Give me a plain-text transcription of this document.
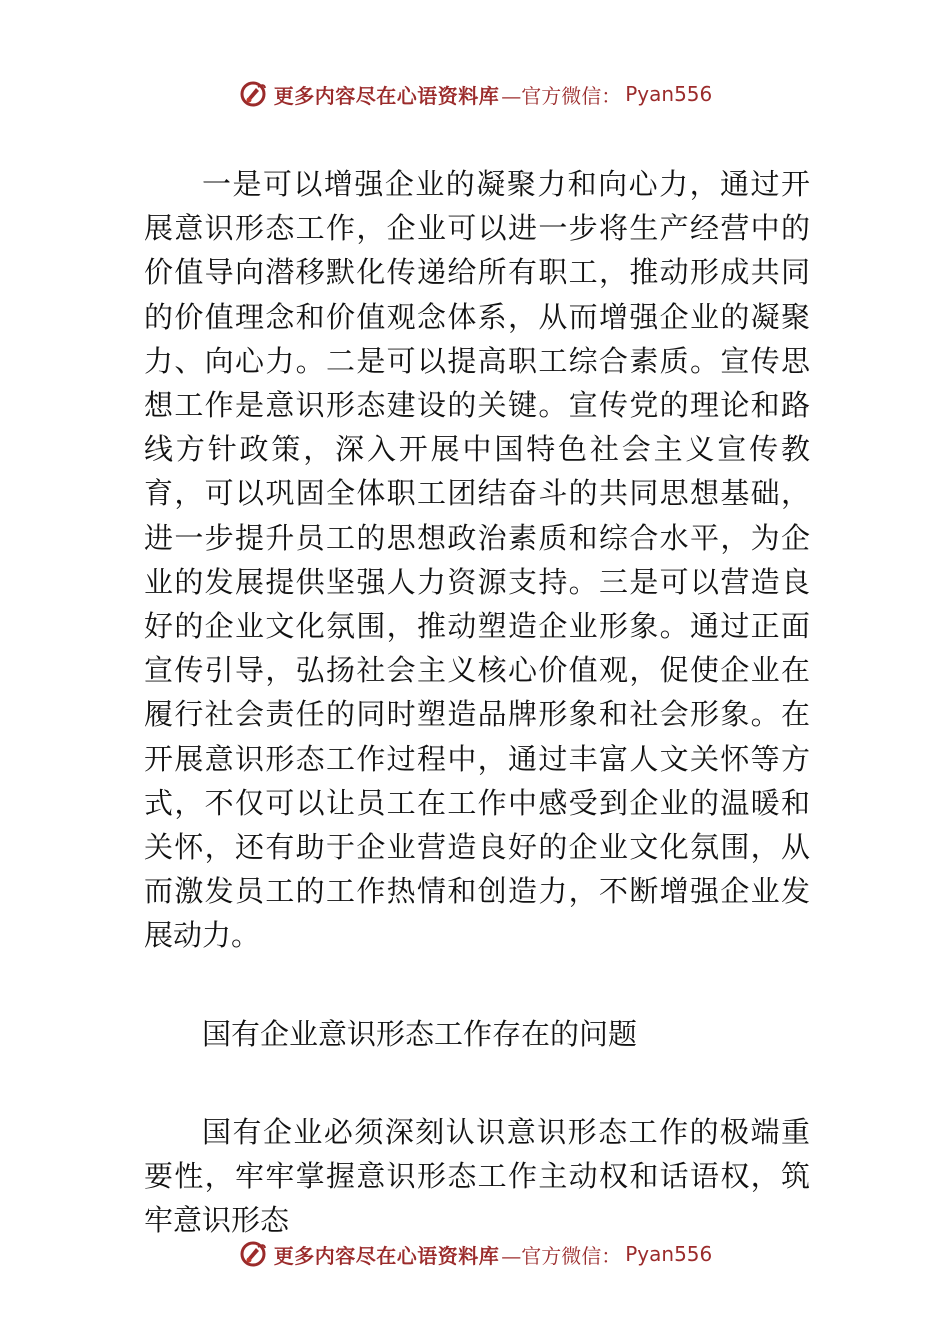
更多内容尽在心语资料库 —官方微信： Pyan556

一是可以增强企业的凝聚力和向心力，通过开展意识形态工作，企业可以进一步将生产经营中的价值导向潜移默化传递给所有职工，推动形成共同的价值理念和价值观念体系，从而增强企业的凝聚力、向心力。二是可以提高职工综合素质。宣传思想工作是意识形态建设的关键。宣传党的理论和路线方针政策，深入开展中国特色社会主义宣传教育，可以巩固全体职工团结奋斗的共同思想基础，进一步提升员工的思想政治素质和综合水平，为企业的发展提供坚强人力资源支持。三是可以营造良好的企业文化氛围，推动塑造企业形象。通过正面宣传引导，弘扬社会主义核心价值观，促使企业在履行社会责任的同时塑造品牌形象和社会形象。在开展意识形态工作过程中，通过丰富人文关怀等方式，不仅可以让员工在工作中感受到企业的温暖和关怀，还有助于企业营造良好的企业文化氛围，从而激发员工的工作热情和创造力，不断增强企业发展动力。

国有企业意识形态工作存在的问题

国有企业必须深刻认识意识形态工作的极端重要性，牢牢掌握意识形态工作主动权和话语权，筑牢意识形态

更多内容尽在心语资料库 —官方微信： Pyan556
